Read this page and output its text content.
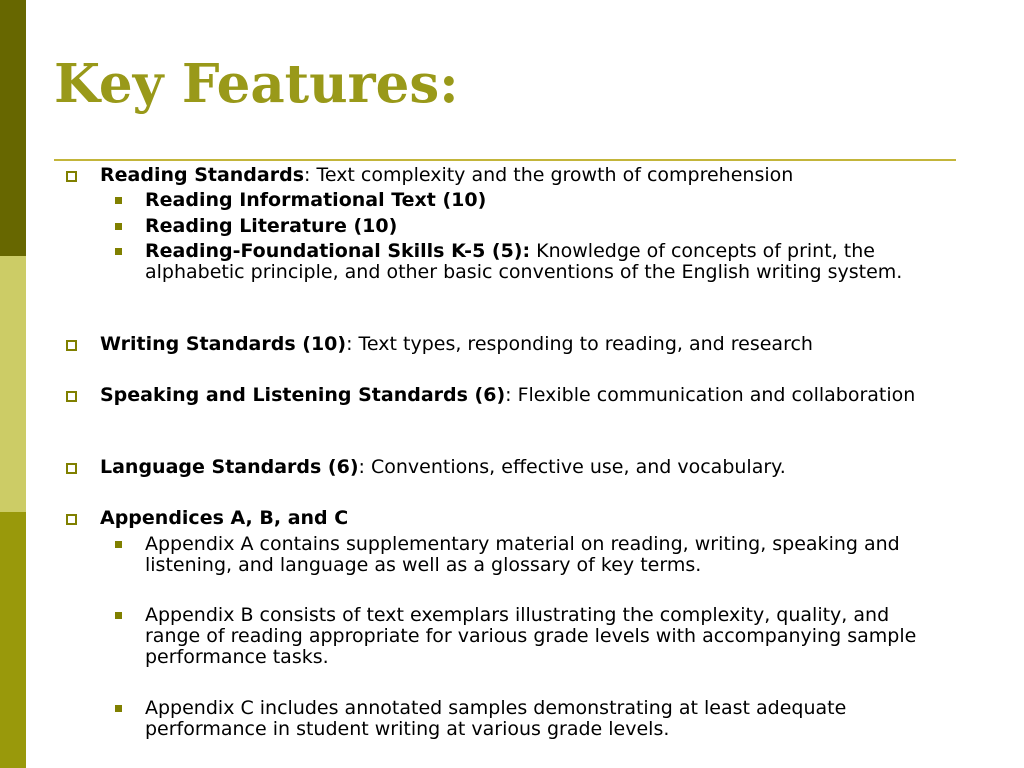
Key Features:
Reading Standards: Text complexity and the growth of comprehension
Reading Informational Text (10)
Reading Literature (10)
Reading-Foundational Skills K-5 (5): Knowledge of concepts of print, the alphabetic principle, and other basic conventions of the English writing system.
Writing Standards (10): Text types, responding to reading, and research
Speaking and Listening Standards (6): Flexible communication and collaboration
Language Standards (6): Conventions, effective use, and vocabulary.
Appendices A, B, and C
Appendix A contains supplementary material on reading, writing, speaking and listening, and language as well as a glossary of key terms.
Appendix B consists of text exemplars illustrating the complexity, quality, and range of reading appropriate for various grade levels with accompanying sample performance tasks.
Appendix C includes annotated samples demonstrating at least adequate performance in student writing at various grade levels.
